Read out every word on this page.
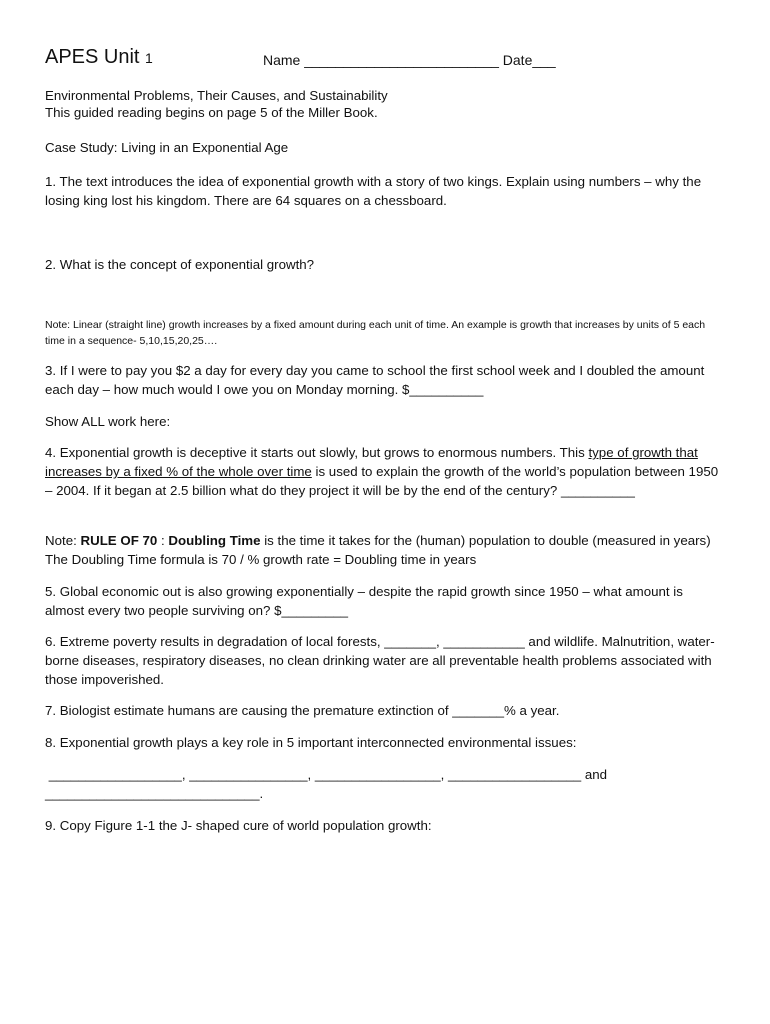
APES Unit 1	Name _________________________ Date___
Environmental Problems, Their Causes, and Sustainability
This guided reading begins on page 5 of the Miller Book.
Case Study: Living in an Exponential Age
1. The text introduces the idea of exponential growth with a story of two kings. Explain using numbers – why the losing king lost his kingdom. There are 64 squares on a chessboard.
2. What is the concept of exponential growth?
Note: Linear (straight line) growth increases by a fixed amount during each unit of time. An example is growth that increases by units of 5 each time in a sequence- 5,10,15,20,25….
3. If I were to pay you $2 a day for every day you came to school the first school week and I doubled the amount each day – how much would I owe you on Monday morning. $__________
Show ALL work here:
4. Exponential growth is deceptive it starts out slowly, but grows to enormous numbers. This type of growth that increases by a fixed % of the whole over time is used to explain the growth of the world’s population between 1950 – 2004. If it began at 2.5 billion what do they project it will be by the end of the century? __________
Note: RULE OF 70 : Doubling Time is the time it takes for the (human) population to double (measured in years) The Doubling Time formula is 70 / % growth rate = Doubling time in years
5. Global economic out is also growing exponentially – despite the rapid growth since 1950 – what amount is almost every two people surviving on? $_________
6. Extreme poverty results in degradation of local forests, _______, ___________ and wildlife. Malnutrition, water-borne diseases, respiratory diseases, no clean drinking water are all preventable health problems associated with those impoverished.
7. Biologist estimate humans are causing the premature extinction of _______% a year.
8. Exponential growth plays a key role in 5 important interconnected environmental issues:
__________________, ________________, _________________, __________________ and _____________________________.
9. Copy Figure 1-1 the J- shaped cure of world population growth:
